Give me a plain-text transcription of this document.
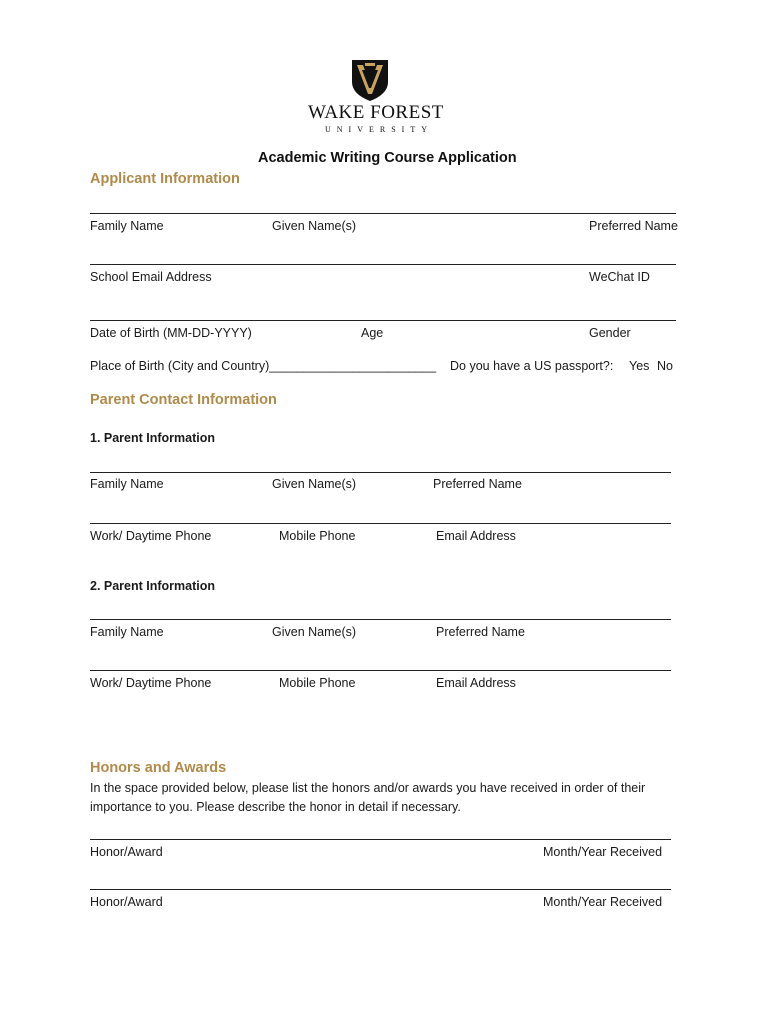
WAKE FOREST
UNIVERSITY
Academic Writing Course Application
Applicant Information
Family Name	Given Name(s)	Preferred Name
School Email Address	WeChat ID
Date of Birth (MM-DD-YYYY)	Age	Gender
Place of Birth (City and Country)________________________ Do you have a US passport?: Yes No
Parent Contact Information
1. Parent Information
Family Name	Given Name(s)	Preferred Name
Work/ Daytime Phone	Mobile Phone	Email Address
2. Parent Information
Family Name	Given Name(s)	Preferred Name
Work/ Daytime Phone	Mobile Phone	Email Address
Honors and Awards
In the space provided below, please list the honors and/or awards you have received in order of their importance to you. Please describe the honor in detail if necessary.
Honor/Award	Month/Year Received
Honor/Award	Month/Year Received
